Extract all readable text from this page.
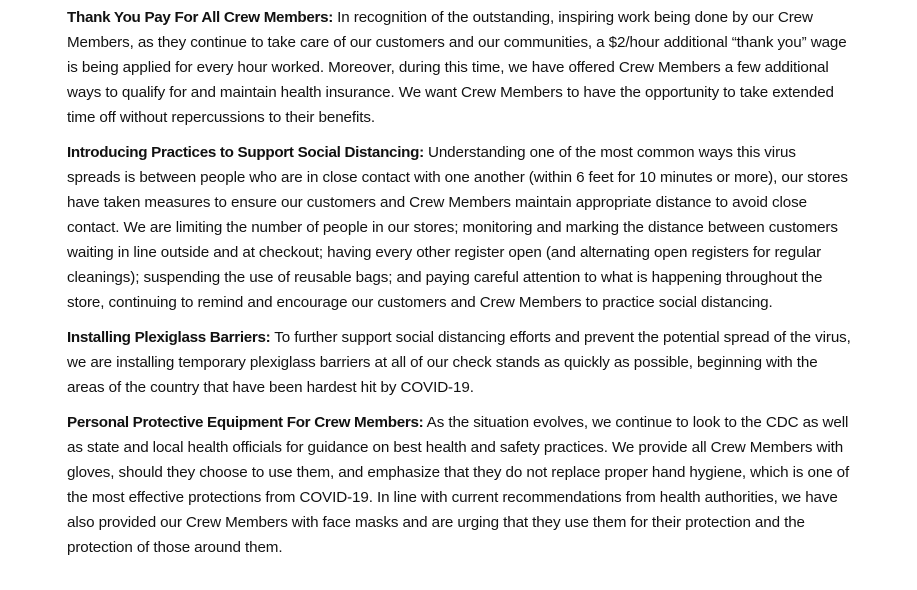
Thank You Pay For All Crew Members: In recognition of the outstanding, inspiring work being done by our Crew Members, as they continue to take care of our customers and our communities, a $2/hour additional “thank you” wage is being applied for every hour worked. Moreover, during this time, we have offered Crew Members a few additional ways to qualify for and maintain health insurance. We want Crew Members to have the opportunity to take extended time off without repercussions to their benefits.

Introducing Practices to Support Social Distancing: Understanding one of the most common ways this virus spreads is between people who are in close contact with one another (within 6 feet for 10 minutes or more), our stores have taken measures to ensure our customers and Crew Members maintain appropriate distance to avoid close contact. We are limiting the number of people in our stores; monitoring and marking the distance between customers waiting in line outside and at checkout; having every other register open (and alternating open registers for regular cleanings); suspending the use of reusable bags; and paying careful attention to what is happening throughout the store, continuing to remind and encourage our customers and Crew Members to practice social distancing.

Installing Plexiglass Barriers: To further support social distancing efforts and prevent the potential spread of the virus, we are installing temporary plexiglass barriers at all of our check stands as quickly as possible, beginning with the areas of the country that have been hardest hit by COVID-19.

Personal Protective Equipment For Crew Members: As the situation evolves, we continue to look to the CDC as well as state and local health officials for guidance on best health and safety practices. We provide all Crew Members with gloves, should they choose to use them, and emphasize that they do not replace proper hand hygiene, which is one of the most effective protections from COVID-19. In line with current recommendations from health authorities, we have also provided our Crew Members with face masks and are urging that they use them for their protection and the protection of those around them.
